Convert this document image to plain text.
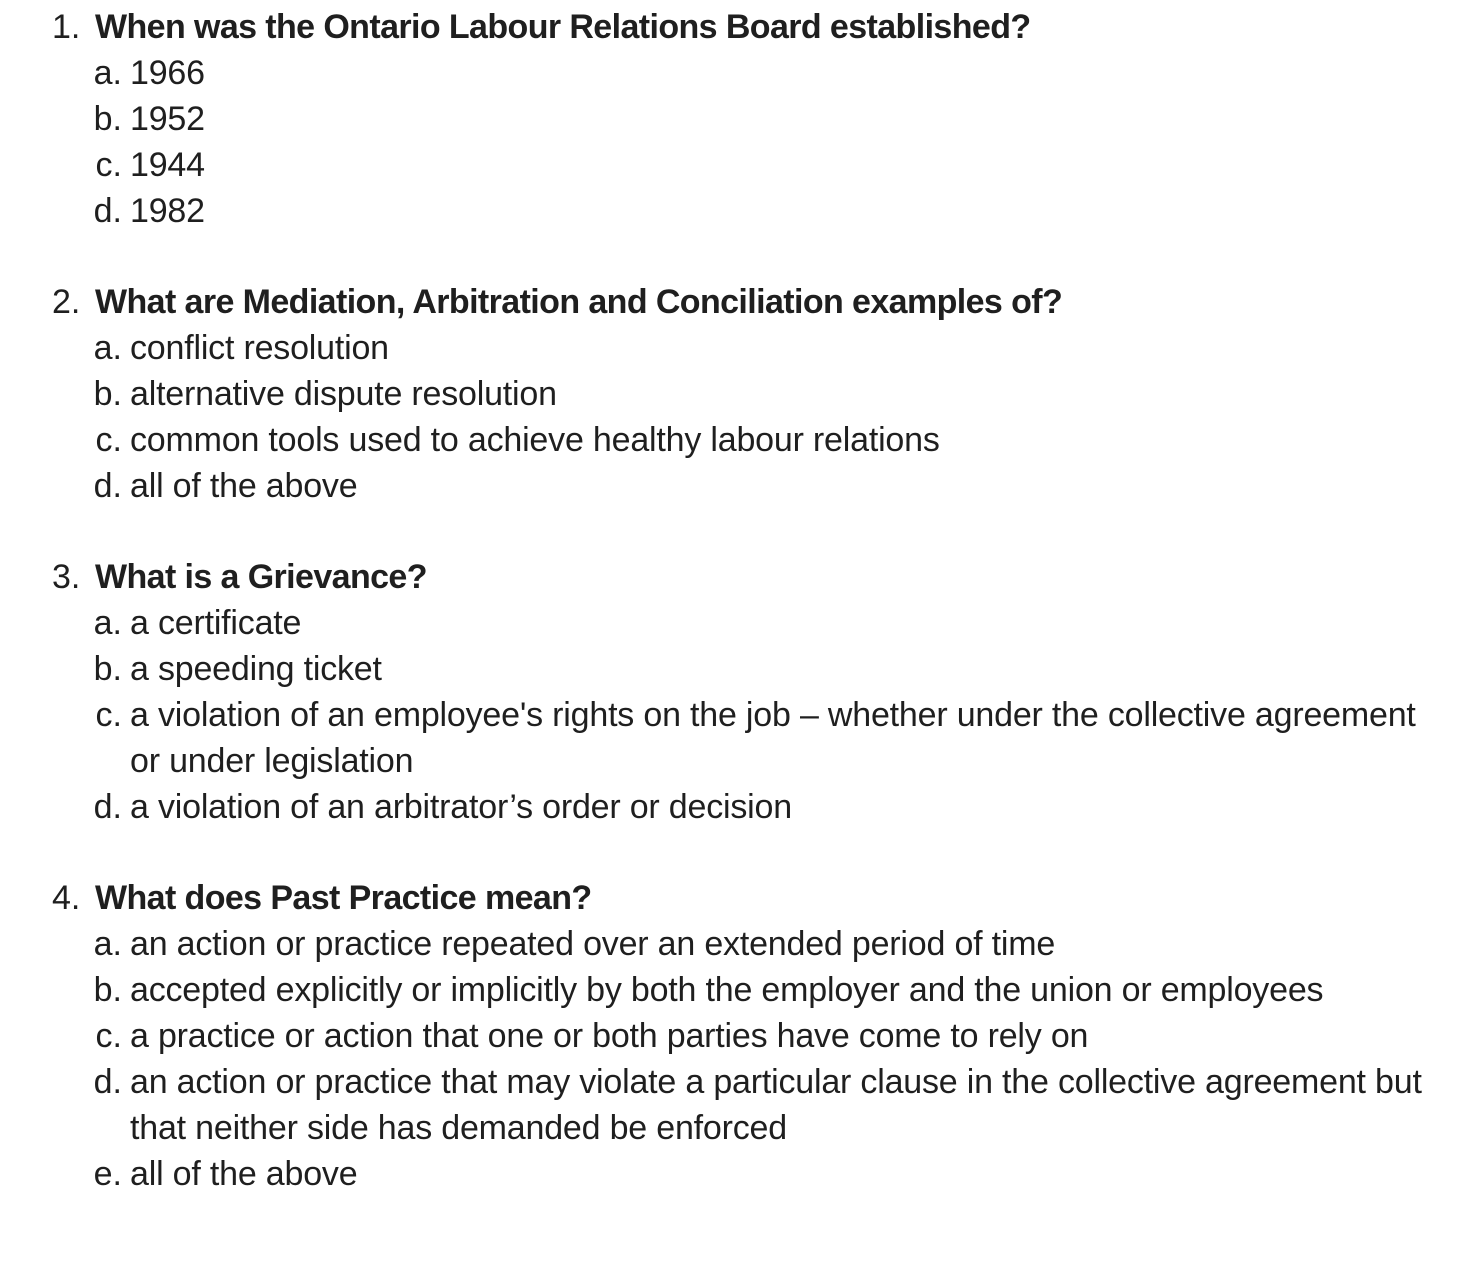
1. When was the Ontario Labour Relations Board established?
a. 1966
b. 1952
c. 1944
d. 1982
2. What are Mediation, Arbitration and Conciliation examples of?
a. conflict resolution
b. alternative dispute resolution
c. common tools used to achieve healthy labour relations
d. all of the above
3. What is a Grievance?
a. a certificate
b. a speeding ticket
c. a violation of an employee's rights on the job – whether under the collective agreement or under legislation
d. a violation of an arbitrator’s order or decision
4. What does Past Practice mean?
a. an action or practice repeated over an extended period of time
b. accepted explicitly or implicitly by both the employer and the union or employees
c. a practice or action that one or both parties have come to rely on
d. an action or practice that may violate a particular clause in the collective agreement but that neither side has demanded be enforced
e. all of the above
